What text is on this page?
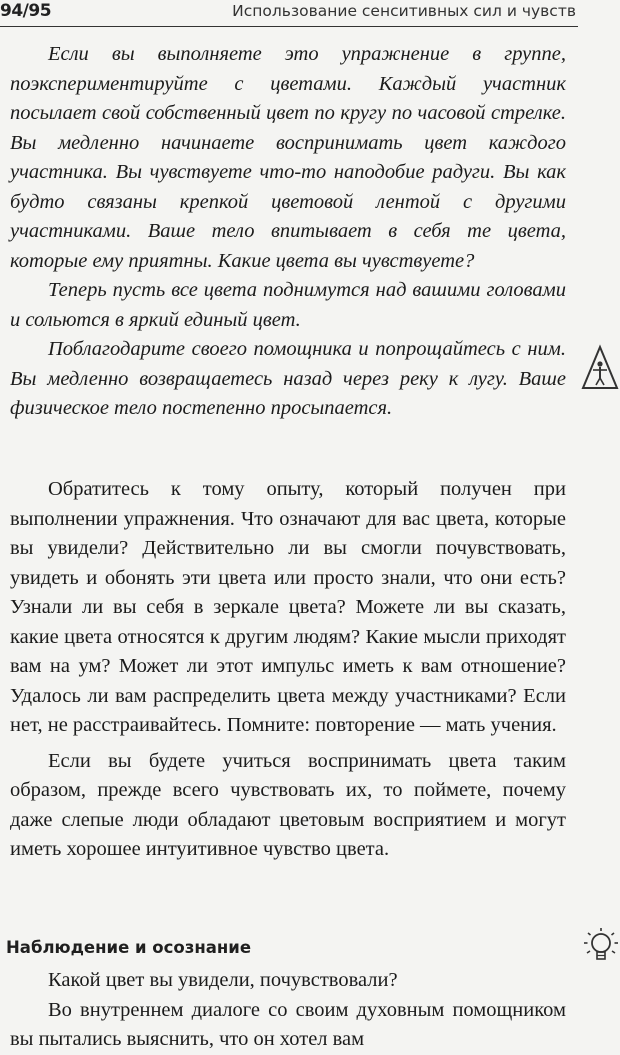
94/95	Использование сенситивных сил и чувств

Если вы выполняете это упражнение в группе, поэкспериментируйте с цветами. Каждый участник посылает свой собственный цвет по кругу по часовой стрелке. Вы медленно начинаете воспринимать цвет каждого участника. Вы чувствуете что-то наподобие радуги. Вы как будто связаны крепкой цветовой лентой с другими участниками. Ваше тело впитывает в себя те цвета, которые ему приятны. Какие цвета вы чувствуете?

Теперь пусть все цвета поднимутся над вашими головами и сольются в яркий единый цвет.

Поблагодарите своего помощника и попрощайтесь с ним. Вы медленно возвращаетесь назад через реку к лугу. Ваше физическое тело постепенно просыпается.

Обратитесь к тому опыту, который получен при выполнении упражнения. Что означают для вас цвета, которые вы увидели? Действительно ли вы смогли почувствовать, увидеть и обонять эти цвета или просто знали, что они есть? Узнали ли вы себя в зеркале цвета? Можете ли вы сказать, какие цвета относятся к другим людям? Какие мысли приходят вам на ум? Может ли этот импульс иметь к вам отношение? Удалось ли вам распределить цвета между участниками? Если нет, не расстраивайтесь. Помните: повторение — мать учения.

Если вы будете учиться воспринимать цвета таким образом, прежде всего чувствовать их, то поймете, почему даже слепые люди обладают цветовым восприятием и могут иметь хорошее интуитивное чувство цвета.

Наблюдение и осознание

Какой цвет вы увидели, почувствовали?

Во внутреннем диалоге со своим духовным помощником вы пытались выяснить, что он хотел вам
